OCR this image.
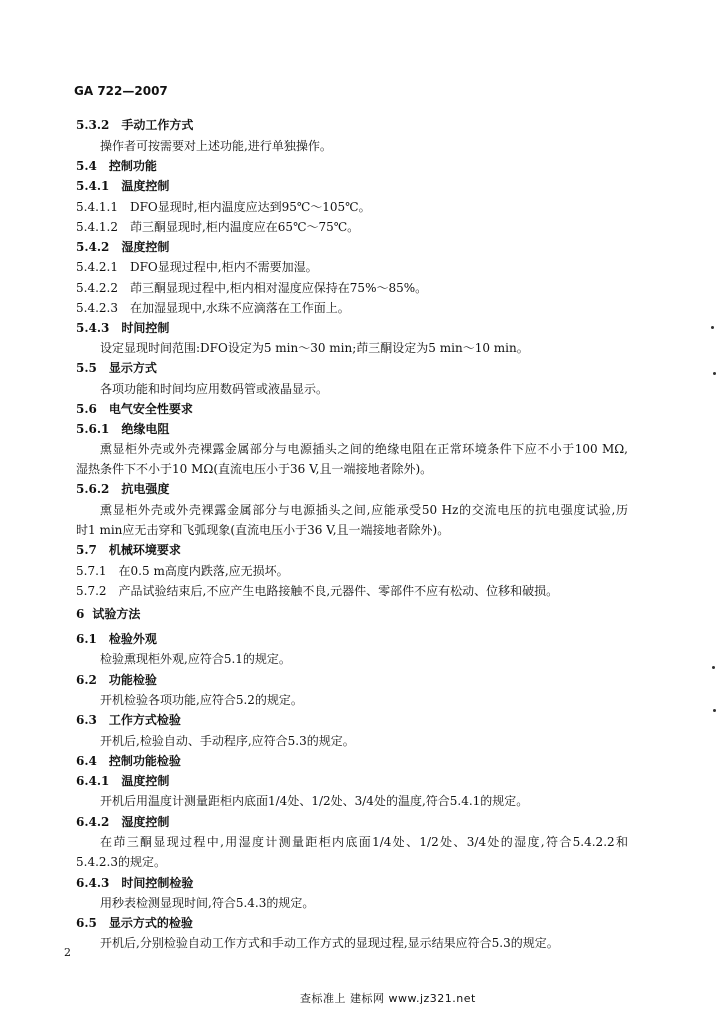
GA 722—2007
5.3.2 手动工作方式
操作者可按需要对上述功能,进行单独操作。
5.4 控制功能
5.4.1 温度控制
5.4.1.1 DFO显现时,柜内温度应达到95℃～105℃。
5.4.1.2 茚三酮显现时,柜内温度应在65℃～75℃。
5.4.2 湿度控制
5.4.2.1 DFO显现过程中,柜内不需要加湿。
5.4.2.2 茚三酮显现过程中,柜内相对湿度应保持在75%～85%。
5.4.2.3 在加湿显现中,水珠不应滴落在工作面上。
5.4.3 时间控制
设定显现时间范围:DFO设定为5 min～30 min;茚三酮设定为5 min～10 min。
5.5 显示方式
各项功能和时间均应用数码管或液晶显示。
5.6 电气安全性要求
5.6.1 绝缘电阻
熏显柜外壳或外壳裸露金属部分与电源插头之间的绝缘电阻在正常环境条件下应不小于100 MΩ,
湿热条件下不小于10 MΩ(直流电压小于36 V,且一端接地者除外)。
5.6.2 抗电强度
熏显柜外壳或外壳裸露金属部分与电源插头之间,应能承受50 Hz的交流电压的抗电强度试验,历
时1 min应无击穿和飞弧现象(直流电压小于36 V,且一端接地者除外)。
5.7 机械环境要求
5.7.1 在0.5 m高度内跌落,应无损坏。
5.7.2 产品试验结束后,不应产生电路接触不良,元器件、零部件不应有松动、位移和破损。
6 试验方法
6.1 检验外观
检验熏现柜外观,应符合5.1的规定。
6.2 功能检验
开机检验各项功能,应符合5.2的规定。
6.3 工作方式检验
开机后,检验自动、手动程序,应符合5.3的规定。
6.4 控制功能检验
6.4.1 温度控制
开机后用温度计测量距柜内底面1/4处、1/2处、3/4处的温度,符合5.4.1的规定。
6.4.2 湿度控制
在茚三酮显现过程中,用湿度计测量距柜内底面1/4处、1/2处、3/4处的湿度,符合5.4.2.2和
5.4.2.3的规定。
6.4.3 时间控制检验
用秒表检测显现时间,符合5.4.3的规定。
6.5 显示方式的检验
开机后,分别检验自动工作方式和手动工作方式的显现过程,显示结果应符合5.3的规定。
2
查标准上 建标网 www.jz321.net
